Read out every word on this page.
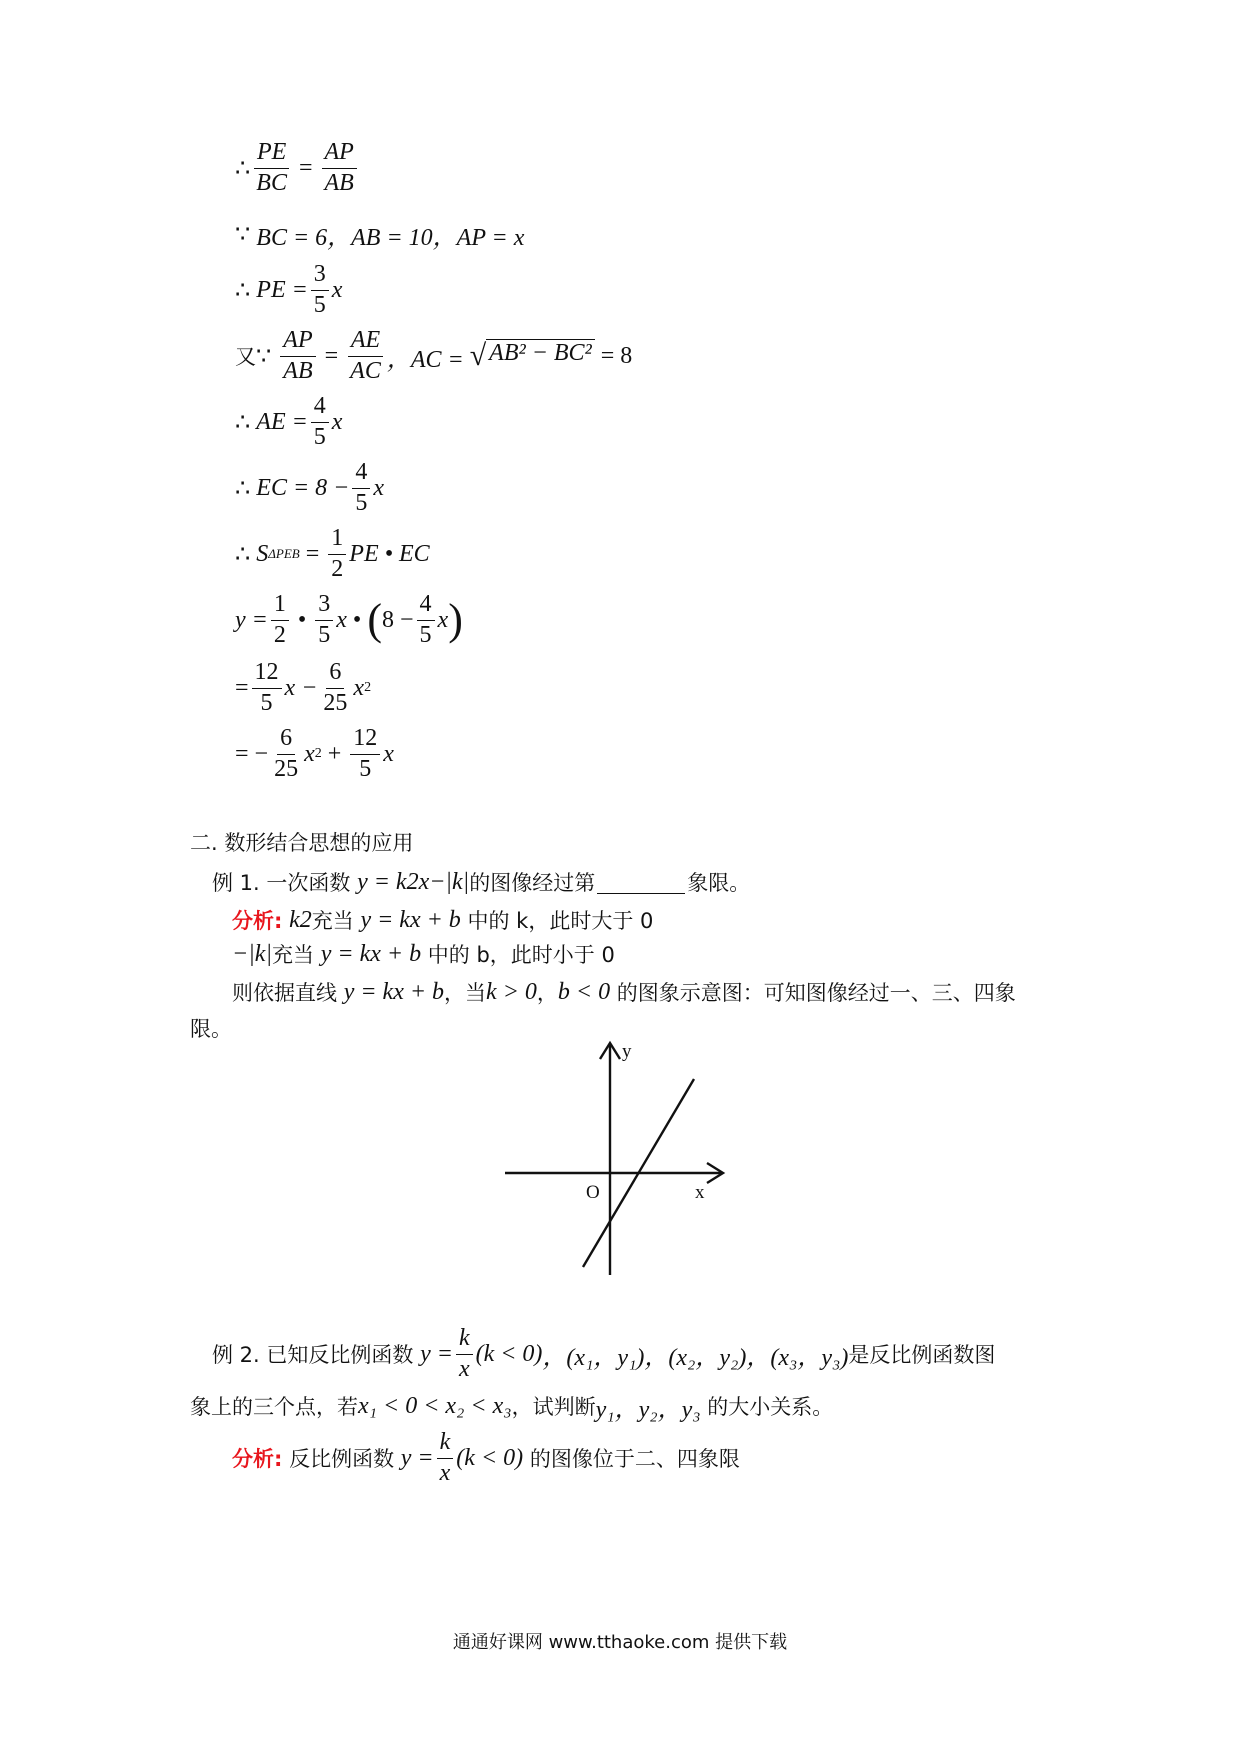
∴ $\frac{PE}{BC} = \frac{AP}{AB}$
∵
BC = 6，AB = 10，AP = x
∴
PE = $\frac{3}{5}$ x
又 ∵
$\frac{AP}{AB} = \frac{AE}{AC}$ ，AC =
√ AB² − BC²
= 8
∴
AE = $\frac{4}{5}$ x
∴
EC = $8 - \frac{4}{5}$ x
∴
S $\Delta PEB = \frac{1}{2}$ PE • EC
$y = \frac{1}{2}$ • $\frac{3}{5}$ x • ( $8 - \frac{4}{5}$ x )
= $\frac{12}{5}$ $x - \frac{6}{25}$ x 2
= − $\frac{6}{25}$ x $2 + \frac{12}{5}$ x
二. 数形结合思想的应用
例 1. 一次函数
y = k 2 x−|k| 的图像经过第	象限。
分析:
k 2 充当
y = kx + b
中的 k，此时大于 0
−|k| 充当
y = kx + b
中的 b，此时小于 0
则依据直线
y = kx + b ，当 k > 0 ， b < 0
的图象示意图：可知图像经过一、三、四象
限。
y
x
O
例 2. 已知反比例函数
$y = \frac{k}{x} (k < 0)$ ，(x₁，y₁)，(x₂，y₂)，(x₃，y₃) 是反比例函数图
象上的三个点，若 x₁ < 0 < x₂ < x₃ ，试判断 y₁，y₂，y₃
的大小关系。
分析:
反比例函数
$y = \frac{k}{x} (k < 0)$
的图像位于二、四象限
通通好课网 www.tthaoke.com 提供下载
